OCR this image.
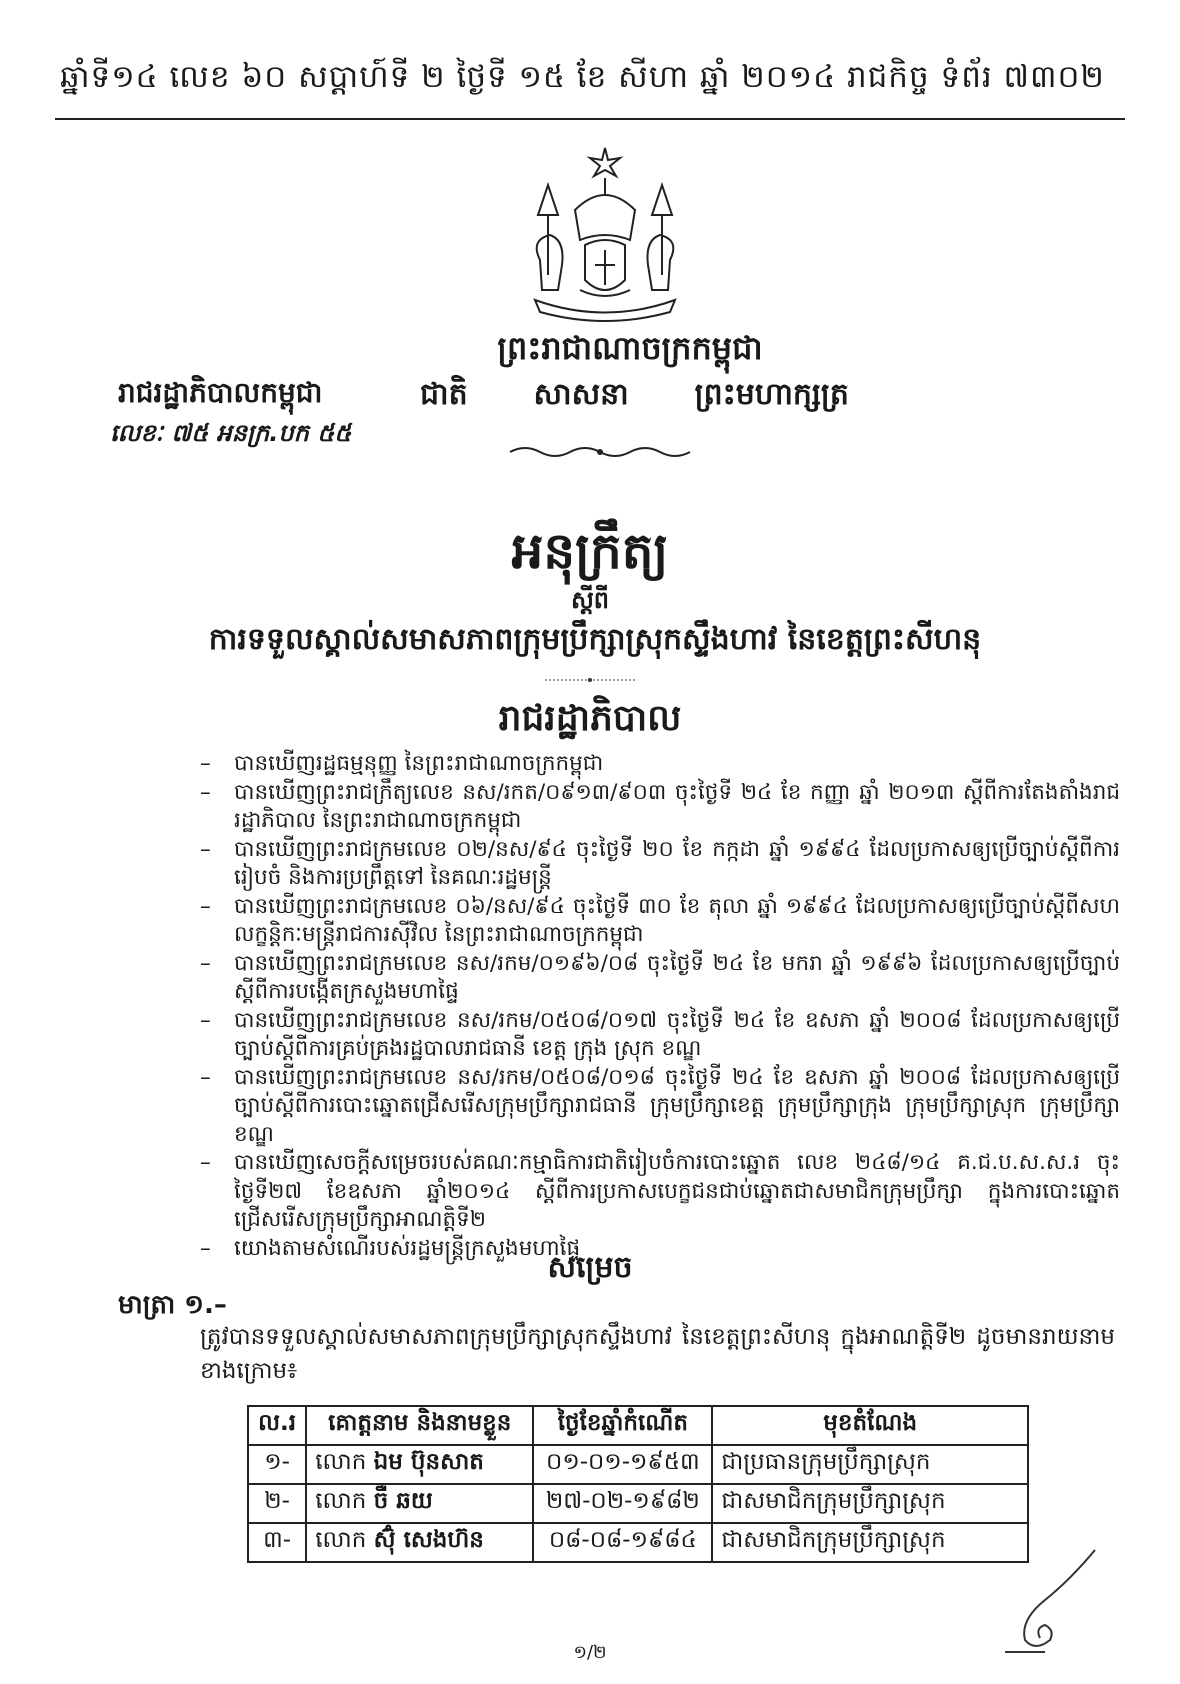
ឆ្នាំទី១៤ លេខ ៦០ សប្តាហ៍ទី ២ ថ្ងៃទី ១៥ ខែ សីហា ឆ្នាំ ២០១៤ រាជកិច្ច ទំព័រ ៧៣០២
ព្រះរាជាណាចក្រកម្ពុជា
រាជរដ្ឋាភិបាលកម្ពុជា	ជាតិ សាសនា ព្រះមហាក្សត្រ
លេខៈ ៧៥ អនក្រ.បក ៥៥
អនុក្រឹត្យ
ស្តីពី
ការទទួលស្គាល់សមាសភាពក្រុមប្រឹក្សាស្រុកស្ទឹងហាវ នៃខេត្តព្រះសីហនុ
រាជរដ្ឋាភិបាល
– បានឃើញរដ្ឋធម្មនុញ្ញ នៃព្រះរាជាណាចក្រកម្ពុជា
– បានឃើញព្រះរាជក្រឹត្យលេខ នស/រកត/០៩១៣/៩០៣ ចុះថ្ងៃទី ២៤ ខែ កញ្ញា ឆ្នាំ ២០១៣ ស្តីពីការតែងតាំងរាជរដ្ឋាភិបាល នៃព្រះរាជាណាចក្រកម្ពុជា
– បានឃើញព្រះរាជក្រមលេខ ០២/នស/៩៤ ចុះថ្ងៃទី ២០ ខែ កក្កដា ឆ្នាំ ១៩៩៤ ដែលប្រកាសឲ្យប្រើច្បាប់ស្តីពីការរៀបចំ និងការប្រព្រឹត្តទៅ នៃគណៈរដ្ឋមន្ត្រី
– បានឃើញព្រះរាជក្រមលេខ ០៦/នស/៩៤ ចុះថ្ងៃទី ៣០ ខែ តុលា ឆ្នាំ ១៩៩៤ ដែលប្រកាសឲ្យប្រើច្បាប់ស្តីពីសហលក្ខន្តិកៈមន្ត្រីរាជការស៊ីវិល នៃព្រះរាជាណាចក្រកម្ពុជា
– បានឃើញព្រះរាជក្រមលេខ នស/រកម/០១៩៦/០៨ ចុះថ្ងៃទី ២៤ ខែ មករា ឆ្នាំ ១៩៩៦ ដែលប្រកាសឲ្យប្រើច្បាប់ស្តីពីការបង្កើតក្រសួងមហាផ្ទៃ
– បានឃើញព្រះរាជក្រមលេខ នស/រកម/០៥០៨/០១៧ ចុះថ្ងៃទី ២៤ ខែ ឧសភា ឆ្នាំ ២០០៨ ដែលប្រកាសឲ្យប្រើច្បាប់ស្តីពីការគ្រប់គ្រងរដ្ឋបាលរាជធានី ខេត្ត ក្រុង ស្រុក ខណ្ឌ
– បានឃើញព្រះរាជក្រមលេខ នស/រកម/០៥០៨/០១៨ ចុះថ្ងៃទី ២៤ ខែ ឧសភា ឆ្នាំ ២០០៨ ដែលប្រកាសឲ្យប្រើច្បាប់ស្តីពីការបោះឆ្នោតជ្រើសរើសក្រុមប្រឹក្សារាជធានី ក្រុមប្រឹក្សាខេត្ត ក្រុមប្រឹក្សាក្រុង ក្រុមប្រឹក្សាស្រុក ក្រុមប្រឹក្សាខណ្ឌ
– បានឃើញសេចក្តីសម្រេចរបស់គណៈកម្មាធិការជាតិរៀបចំការបោះឆ្នោត លេខ ២៤៨/១៤ គ.ជ.ប.ស.ស.រ ចុះថ្ងៃទី២៧ ខែឧសភា ឆ្នាំ២០១៤ ស្តីពីការប្រកាសបេក្ខជនជាប់ឆ្នោតជាសមាជិកក្រុមប្រឹក្សា ក្នុងការបោះឆ្នោតជ្រើសរើសក្រុមប្រឹក្សាអាណត្តិទី២
– យោងតាមសំណើរបស់រដ្ឋមន្ត្រីក្រសួងមហាផ្ទៃ
សម្រេច
មាត្រា ១.–
ត្រូវបានទទួលស្គាល់សមាសភាពក្រុមប្រឹក្សាស្រុកស្ទឹងហាវ នៃខេត្តព្រះសីហនុ ក្នុងអាណត្តិទី២ ដូចមានរាយនាមខាងក្រោម៖
ល.រ	គោត្តនាម និងនាមខ្លួន	ថ្ងៃខែឆ្នាំកំណើត	មុខតំណែង
១-	លោក ឯម ប៊ុនសាត	០១-០១-១៩៥៣	ជាប្រធានក្រុមប្រឹក្សាស្រុក
២-	លោក ចឺ ឆយ	២៧-០២-១៩៨២	ជាសមាជិកក្រុមប្រឹក្សាស្រុក
៣-	លោក ស៊ុំ សេងហ៊ន	០៨-០៨-១៩៨៤	ជាសមាជិកក្រុមប្រឹក្សាស្រុក
១/២
